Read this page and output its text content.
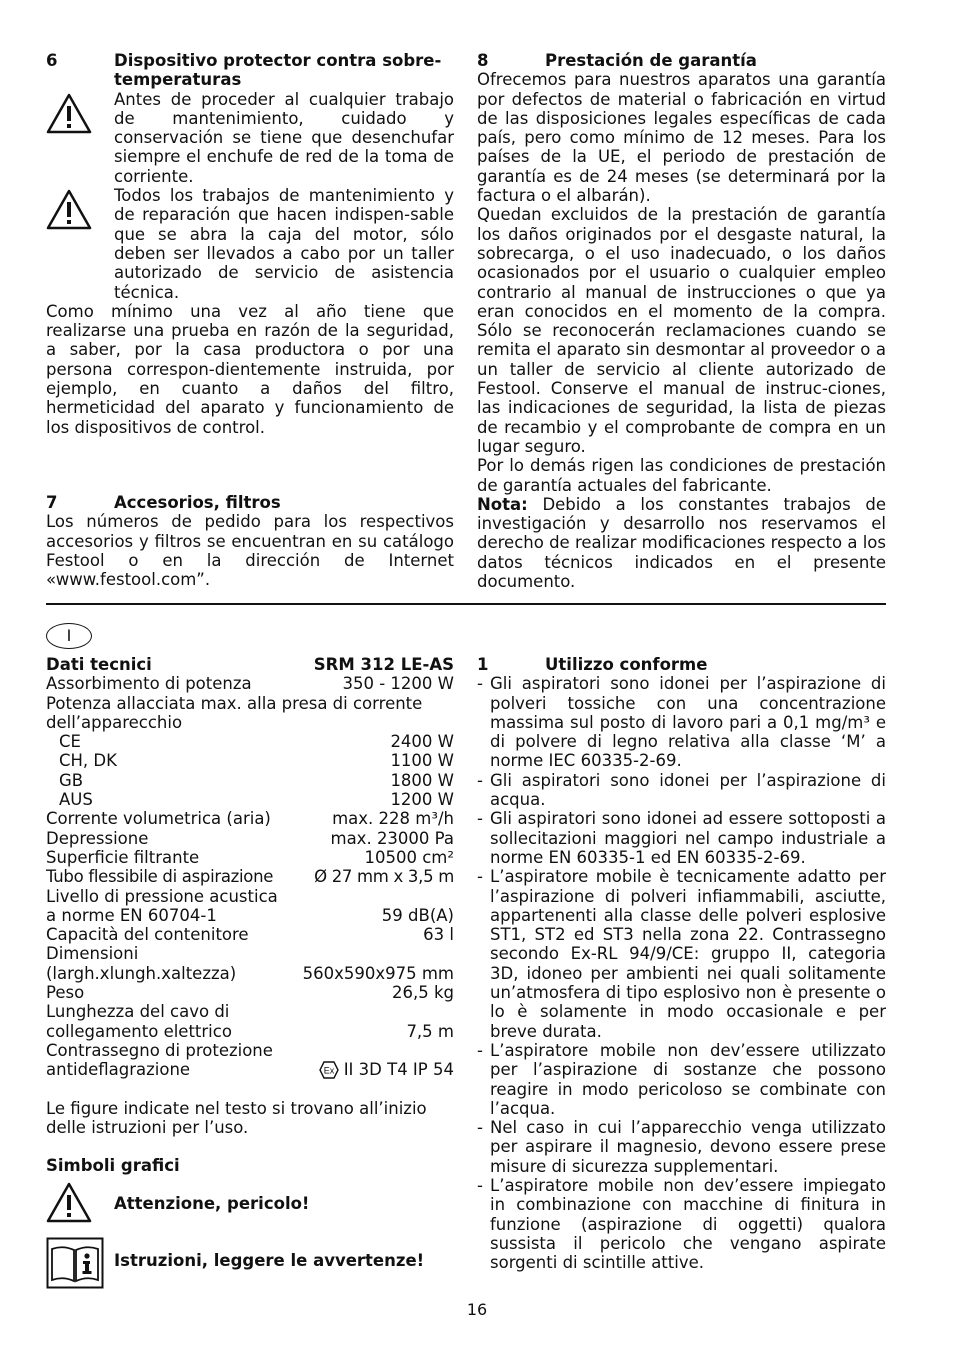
6	Dispositivo protector contra sobre-temperaturas

Antes de proceder al cualquier trabajo de mantenimiento, cuidado y conservación se tiene que desenchufar siempre el enchufe de red de la toma de corriente.

Todos los trabajos de mantenimiento y de reparación que hacen indispen-sable que se abra la caja del motor, sólo deben ser llevados a cabo por un taller autorizado de servicio de asistencia técnica.

Como mínimo una vez al año tiene que realizarse una prueba en razón de la seguridad, a saber, por la casa productora o por una persona correspon-dientemente instruida, por ejemplo, en cuanto a daños del filtro, hermeticidad del aparato y funcionamiento de los dispositivos de control.

7	Accesorios, filtros

Los números de pedido para los respectivos accesorios y filtros se encuentran en su catálogo Festool o en la dirección de Internet «www.festool.com”.

8	Prestación de garantía

Ofrecemos para nuestros aparatos una garantía por defectos de material o fabricación en virtud de las disposiciones legales específicas de cada país, pero como mínimo de 12 meses. Para los países de la UE, el periodo de prestación de garantía es de 24 meses (se determinará por la factura o el albarán).

Quedan excluidos de la prestación de garantía los daños originados por el desgaste natural, la sobrecarga, o el uso inadecuado, o los daños ocasionados por el usuario o cualquier empleo contrario al manual de instrucciones o que ya eran conocidos en el momento de la compra. Sólo se reconocerán reclamaciones cuando se remita el aparato sin desmontar al proveedor o a un taller de servicio al cliente autorizado de Festool. Conserve el manual de instruc-ciones, las indicaciones de seguridad, la lista de piezas de recambio y el comprobante de compra en un lugar seguro.

Por lo demás rigen las condiciones de prestación de garantía actuales del fabricante.

Nota: Debido a los constantes trabajos de investigación y desarrollo nos reservamos el derecho de realizar modificaciones respecto a los datos técnicos indicados en el presente documento.

I
Dati tecnici	SRM 312 LE-AS
Assorbimento di potenza	350 - 1200 W

Potenza allacciata max. alla presa di corrente dell’apparecchio

CE	2400 W
CH, DK	1100 W
GB	1800 W
AUS	1200 W
Corrente volumetrica (aria)	max. 228 m³/h
Depressione	max. 23000 Pa
Superficie filtrante	10500 cm²
Tubo flessibile di aspirazione Ø 27 mm x 3,5 m

Livello di pressione acustica

a norme EN 60704-1	59 dB(A)
Capacità del contenitore	63 l

Dimensioni

(largh.xlungh.xaltezza)	560x590x975 mm
Peso	26,5 kg

Lunghezza del cavo di

collegamento elettrico	7,5 m

Contrassegno di protezione

antideflagrazione	Ex II 3D T4 IP 54

Le figure indicate nel testo si trovano all’inizio delle istruzioni per l’uso.

Simboli grafici

Attenzione, pericolo!
Istruzioni, leggere le avvertenze!
1	Utilizzo conforme
- Gli aspiratori sono idonei per l’aspirazione di polveri tossiche con una concentrazione massima sul posto di lavoro pari a 0,1 mg/m³ e di polvere di legno relativa alla classe ‘M’ a norme IEC 60335-2-69.

- Gli aspiratori sono idonei per l’aspirazione di acqua.

- Gli aspiratori sono idonei ad essere sottoposti a sollecitazioni maggiori nel campo industriale a norme EN 60335-1 ed EN 60335-2-69.

- L’aspiratore mobile è tecnicamente adatto per l’aspirazione di polveri infiammabili, asciutte, appartenenti alla classe delle polveri esplosive ST1, ST2 ed ST3 nella zona 22. Contrassegno secondo Ex-RL 94/9/CE: gruppo II, categoria 3D, idoneo per ambienti nei quali solitamente un’atmosfera di tipo esplosivo non è presente o lo è solamente in modo occasionale e per breve durata.

- L’aspiratore mobile non dev’essere utilizzato per l’aspirazione di sostanze che possono reagire in modo pericoloso se combinate con l’acqua.

- Nel caso in cui l’apparecchio venga utilizzato per aspirare il magnesio, devono essere prese misure di sicurezza supplementari.

- L’aspiratore mobile non dev’essere impiegato in combinazione con macchine di finitura in funzione (aspirazione di oggetti) qualora sussista il pericolo che vengano aspirate sorgenti di scintille attive.

16
